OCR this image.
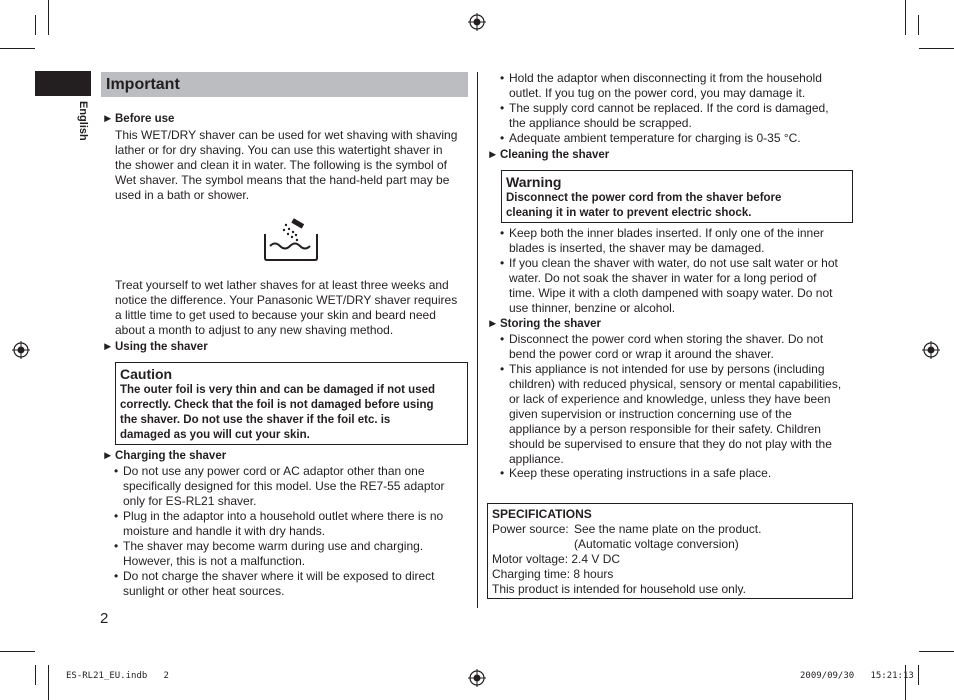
English
Important
► Before use
This WET/DRY shaver can be used for wet shaving with shaving
lather or for dry shaving. You can use this watertight shaver in
the shower and clean it in water. The following is the symbol of
Wet shaver. The symbol means that the hand-held part may be
used in a bath or shower.
Treat yourself to wet lather shaves for at least three weeks and
notice the difference. Your Panasonic WET/DRY shaver requires
a little time to get used to because your skin and beard need
about a month to adjust to any new shaving method.
► Using the shaver
Caution
The outer foil is very thin and can be damaged if not used
correctly. Check that the foil is not damaged before using
the shaver. Do not use the shaver if the foil etc. is
damaged as you will cut your skin.
► Charging the shaver
• Do not use any power cord or AC adaptor other than one
specifically designed for this model. Use the RE7-55 adaptor
only for ES-RL21 shaver.
• Plug in the adaptor into a household outlet where there is no
moisture and handle it with dry hands.
• The shaver may become warm during use and charging.
However, this is not a malfunction.
• Do not charge the shaver where it will be exposed to direct
sunlight or other heat sources.
2
• Hold the adaptor when disconnecting it from the household
outlet. If you tug on the power cord, you may damage it.
• The supply cord cannot be replaced. If the cord is damaged,
the appliance should be scrapped.
• Adequate ambient temperature for charging is 0-35 °C.
► Cleaning the shaver
Warning
Disconnect the power cord from the shaver before
cleaning it in water to prevent electric shock.
• Keep both the inner blades inserted. If only one of the inner
blades is inserted, the shaver may be damaged.
• If you clean the shaver with water, do not use salt water or hot
water. Do not soak the shaver in water for a long period of
time. Wipe it with a cloth dampened with soapy water. Do not
use thinner, benzine or alcohol.
► Storing the shaver
• Disconnect the power cord when storing the shaver. Do not
bend the power cord or wrap it around the shaver.
• This appliance is not intended for use by persons (including
children) with reduced physical, sensory or mental capabilities,
or lack of experience and knowledge, unless they have been
given supervision or instruction concerning use of the
appliance by a person responsible for their safety. Children
should be supervised to ensure that they do not play with the
appliance.
• Keep these operating instructions in a safe place.
SPECIFICATIONS
Power source: See the name plate on the product.
(Automatic voltage conversion)
Motor voltage: 2.4 V DC
Charging time: 8 hours
This product is intended for household use only.
ES-RL21_EU.indb   2	2009/09/30   15:21:13
